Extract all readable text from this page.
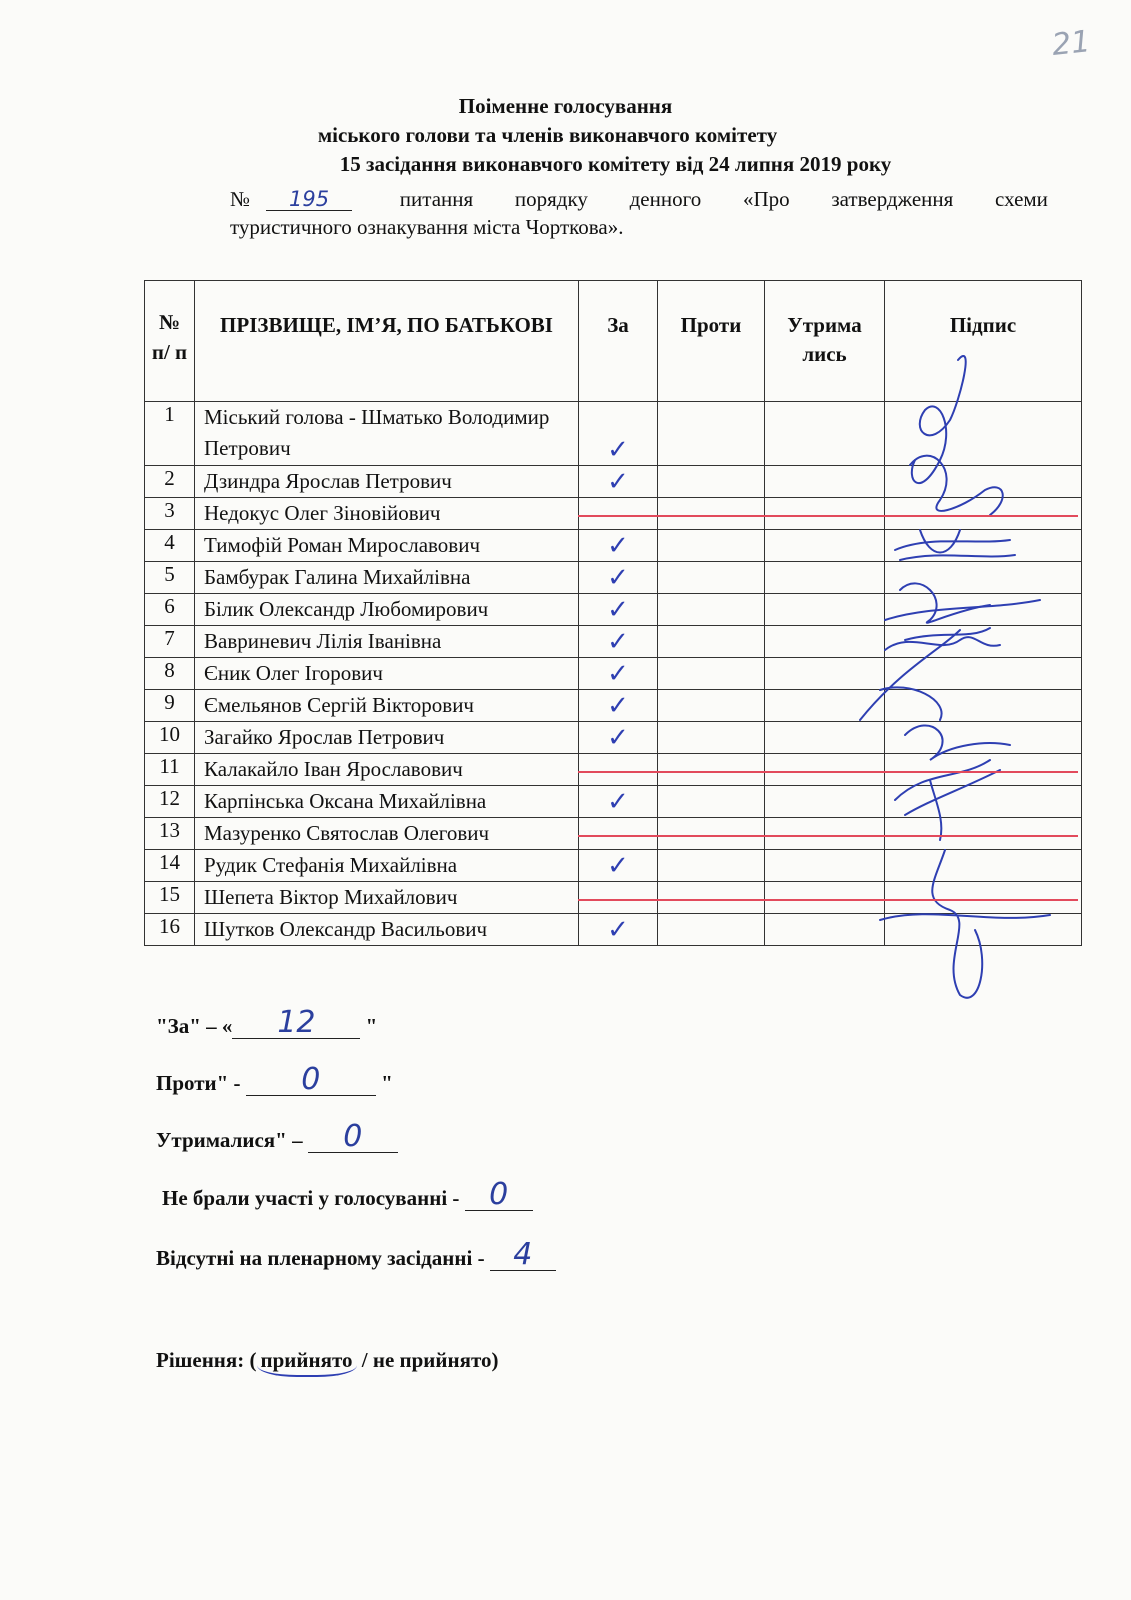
21
Поіменне голосування
міського голови та членів виконавчого комітету
15 засідання виконавчого комітету від 24 липня 2019 року
№ 195	питання порядку денного «Про затвердження схеми
туристичного ознакування міста Чорткова».
№ п/ п	ПРІЗВИЩЕ, ІМ’Я, ПО БАТЬКОВІ	За	Проти	Утрима лись	Підпис
1	Міський голова - Шматько Володимир Петрович	✓			
2	Дзиндра Ярослав Петрович	✓			
3	Недокус Олег Зіновійович				
4	Тимофій Роман Мирославович	✓			
5	Бамбурак Галина Михайлівна	✓			
6	Білик Олександр Любомирович	✓			
7	Вавриневич Лілія Іванівна	✓			
8	Єник Олег Ігорович	✓			
9	Ємельянов Сергій Вікторович	✓			
10	Загайко Ярослав Петрович	✓			
11	Калакайло Іван Ярославович				
12	Карпінська Оксана Михайлівна	✓			
13	Мазуренко Святослав Олегович				
14	Рудик Стефанія Михайлівна	✓			
15	Шепета Віктор Михайлович				
16	Шутков Олександр Васильович	✓			
"За" – « 12 "
Проти" - 0	"
Утрималися" – 0
Не брали участі у голосуванні - 0
Відсутні на пленарному засіданні - 4
Рішення: ( прийнято / не прийнято)
